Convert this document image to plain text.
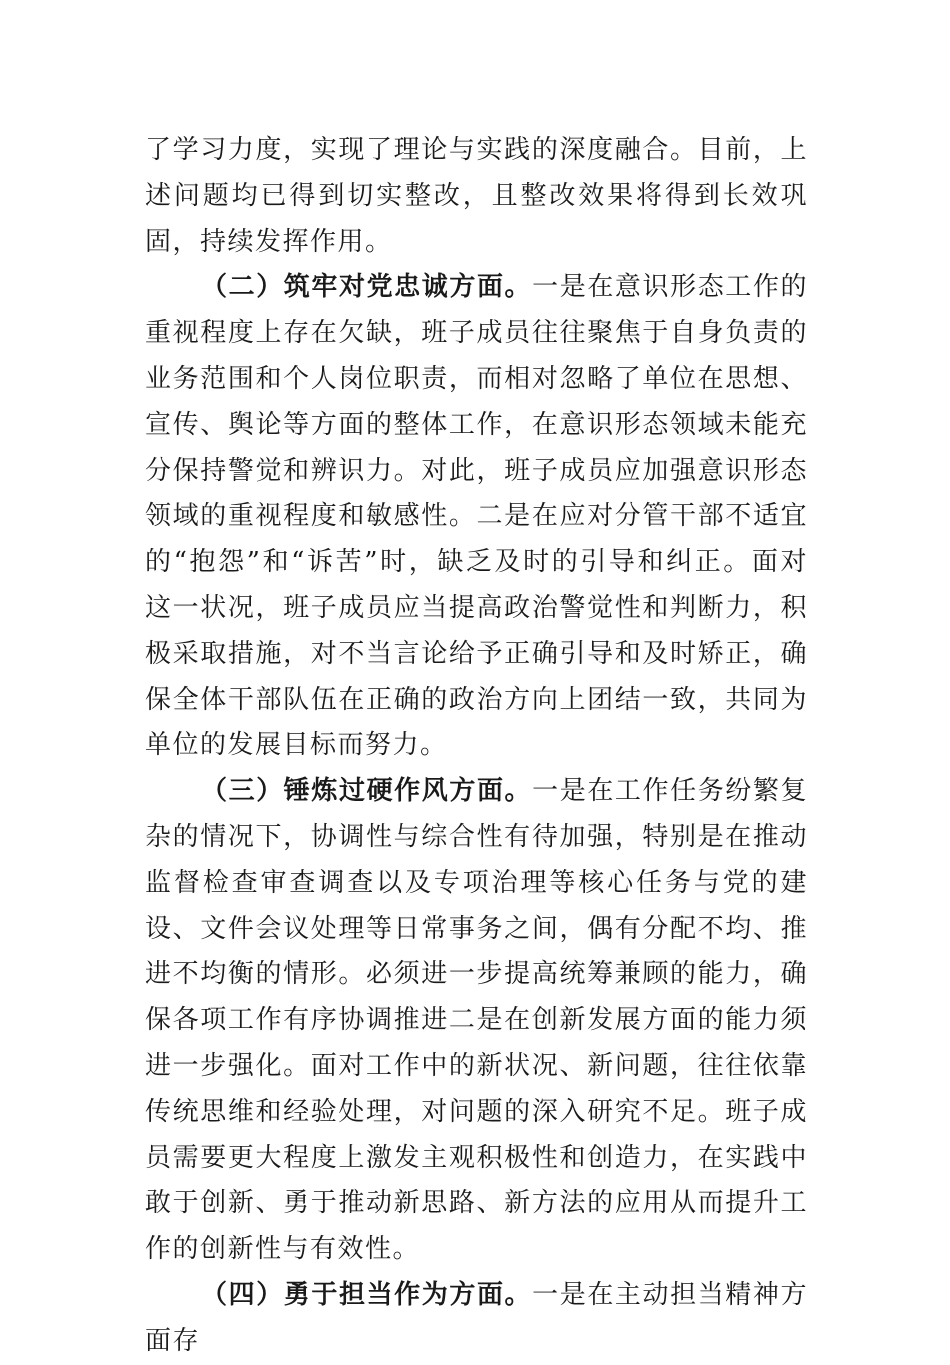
了学习力度，实现了理论与实践的深度融合。目前，上述问题均已得到切实整改，且整改效果将得到长效巩固，持续发挥作用。

（二）筑牢对党忠诚方面。一是在意识形态工作的重视程度上存在欠缺，班子成员往往聚焦于自身负责的业务范围和个人岗位职责，而相对忽略了单位在思想、宣传、舆论等方面的整体工作，在意识形态领域未能充分保持警觉和辨识力。对此，班子成员应加强意识形态领域的重视程度和敏感性。二是在应对分管干部不适宜的“抱怨”和“诉苦”时，缺乏及时的引导和纠正。面对这一状况，班子成员应当提高政治警觉性和判断力，积极采取措施，对不当言论给予正确引导和及时矫正，确保全体干部队伍在正确的政治方向上团结一致，共同为单位的发展目标而努力。

（三）锤炼过硬作风方面。一是在工作任务纷繁复杂的情况下，协调性与综合性有待加强，特别是在推动监督检查审查调查以及专项治理等核心任务与党的建设、文件会议处理等日常事务之间，偶有分配不均、推进不均衡的情形。必须进一步提高统筹兼顾的能力，确保各项工作有序协调推进二是在创新发展方面的能力须进一步强化。面对工作中的新状况、新问题，往往依靠传统思维和经验处理，对问题的深入研究不足。班子成员需要更大程度上激发主观积极性和创造力，在实践中敢于创新、勇于推动新思路、新方法的应用从而提升工作的创新性与有效性。

（四）勇于担当作为方面。一是在主动担当精神方面存
